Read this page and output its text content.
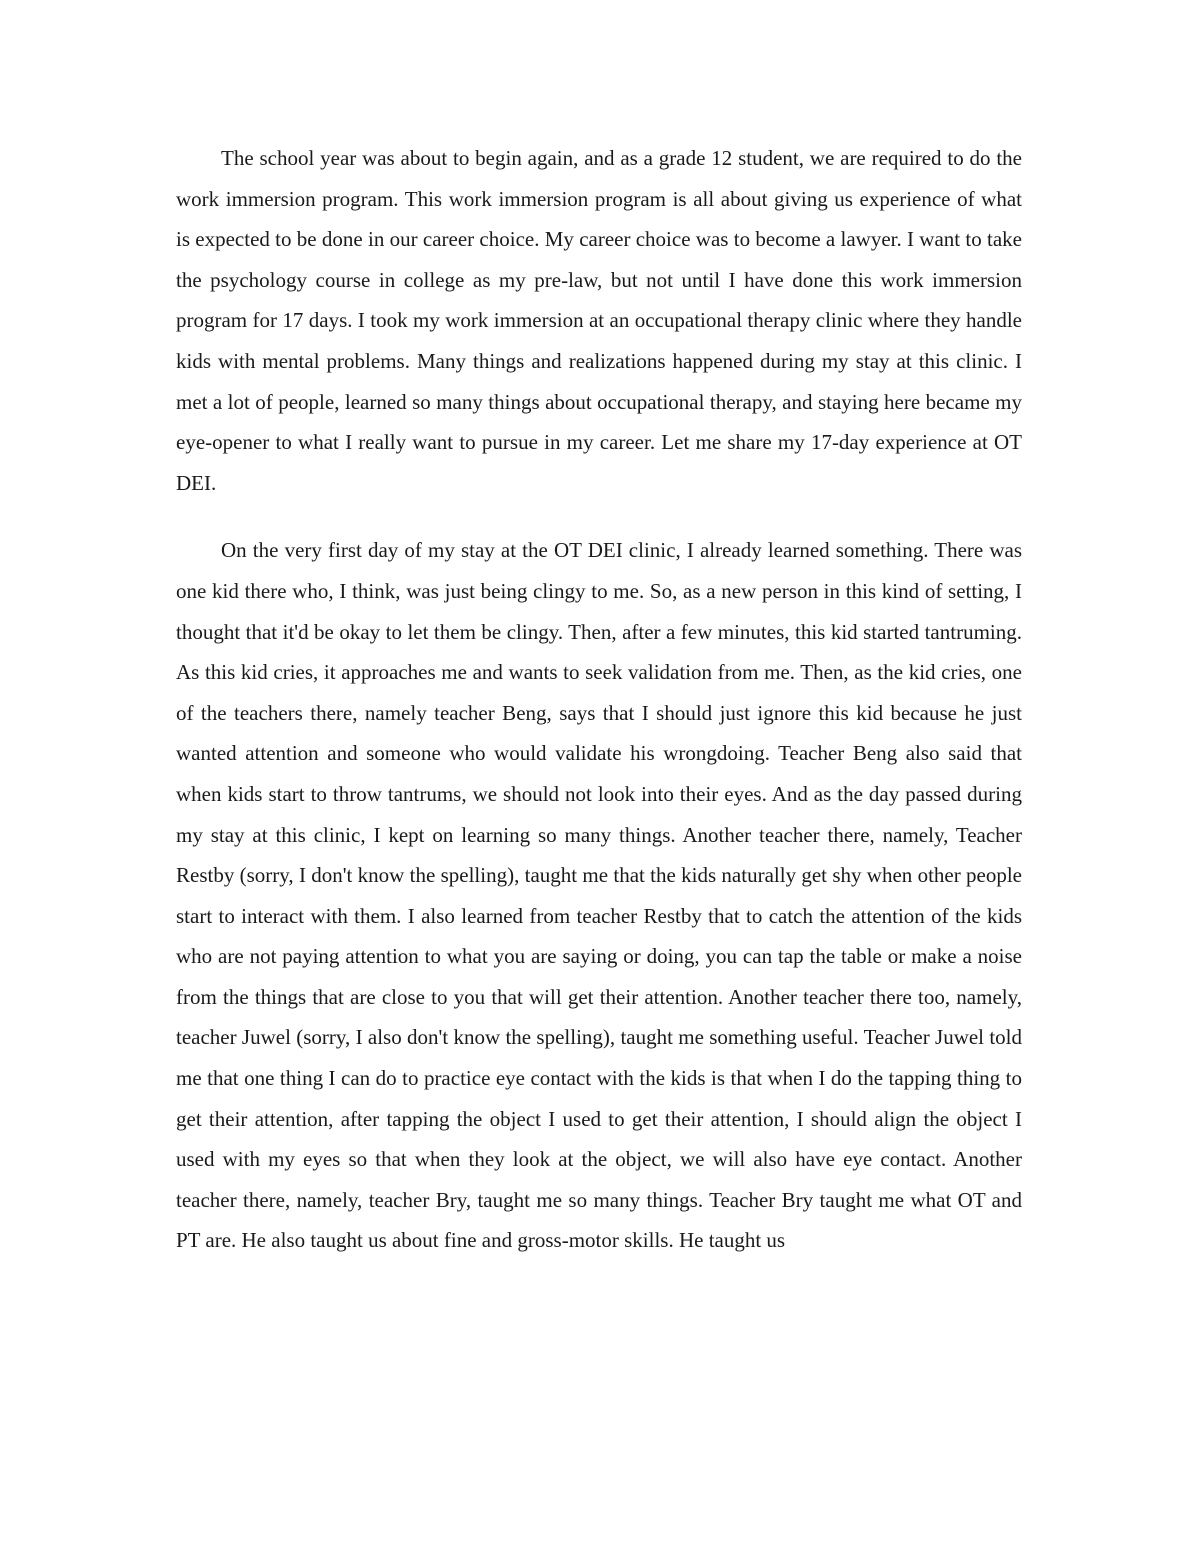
The school year was about to begin again, and as a grade 12 student, we are required to do the work immersion program. This work immersion program is all about giving us experience of what is expected to be done in our career choice. My career choice was to become a lawyer. I want to take the psychology course in college as my pre-law, but not until I have done this work immersion program for 17 days. I took my work immersion at an occupational therapy clinic where they handle kids with mental problems. Many things and realizations happened during my stay at this clinic. I met a lot of people, learned so many things about occupational therapy, and staying here became my eye-opener to what I really want to pursue in my career. Let me share my 17-day experience at OT DEI.

On the very first day of my stay at the OT DEI clinic, I already learned something. There was one kid there who, I think, was just being clingy to me. So, as a new person in this kind of setting, I thought that it'd be okay to let them be clingy. Then, after a few minutes, this kid started tantruming. As this kid cries, it approaches me and wants to seek validation from me. Then, as the kid cries, one of the teachers there, namely teacher Beng, says that I should just ignore this kid because he just wanted attention and someone who would validate his wrongdoing. Teacher Beng also said that when kids start to throw tantrums, we should not look into their eyes. And as the day passed during my stay at this clinic, I kept on learning so many things. Another teacher there, namely, Teacher Restby (sorry, I don't know the spelling), taught me that the kids naturally get shy when other people start to interact with them. I also learned from teacher Restby that to catch the attention of the kids who are not paying attention to what you are saying or doing, you can tap the table or make a noise from the things that are close to you that will get their attention. Another teacher there too, namely, teacher Juwel (sorry, I also don't know the spelling), taught me something useful. Teacher Juwel told me that one thing I can do to practice eye contact with the kids is that when I do the tapping thing to get their attention, after tapping the object I used to get their attention, I should align the object I used with my eyes so that when they look at the object, we will also have eye contact. Another teacher there, namely, teacher Bry, taught me so many things. Teacher Bry taught me what OT and PT are. He also taught us about fine and gross-motor skills. He taught us
